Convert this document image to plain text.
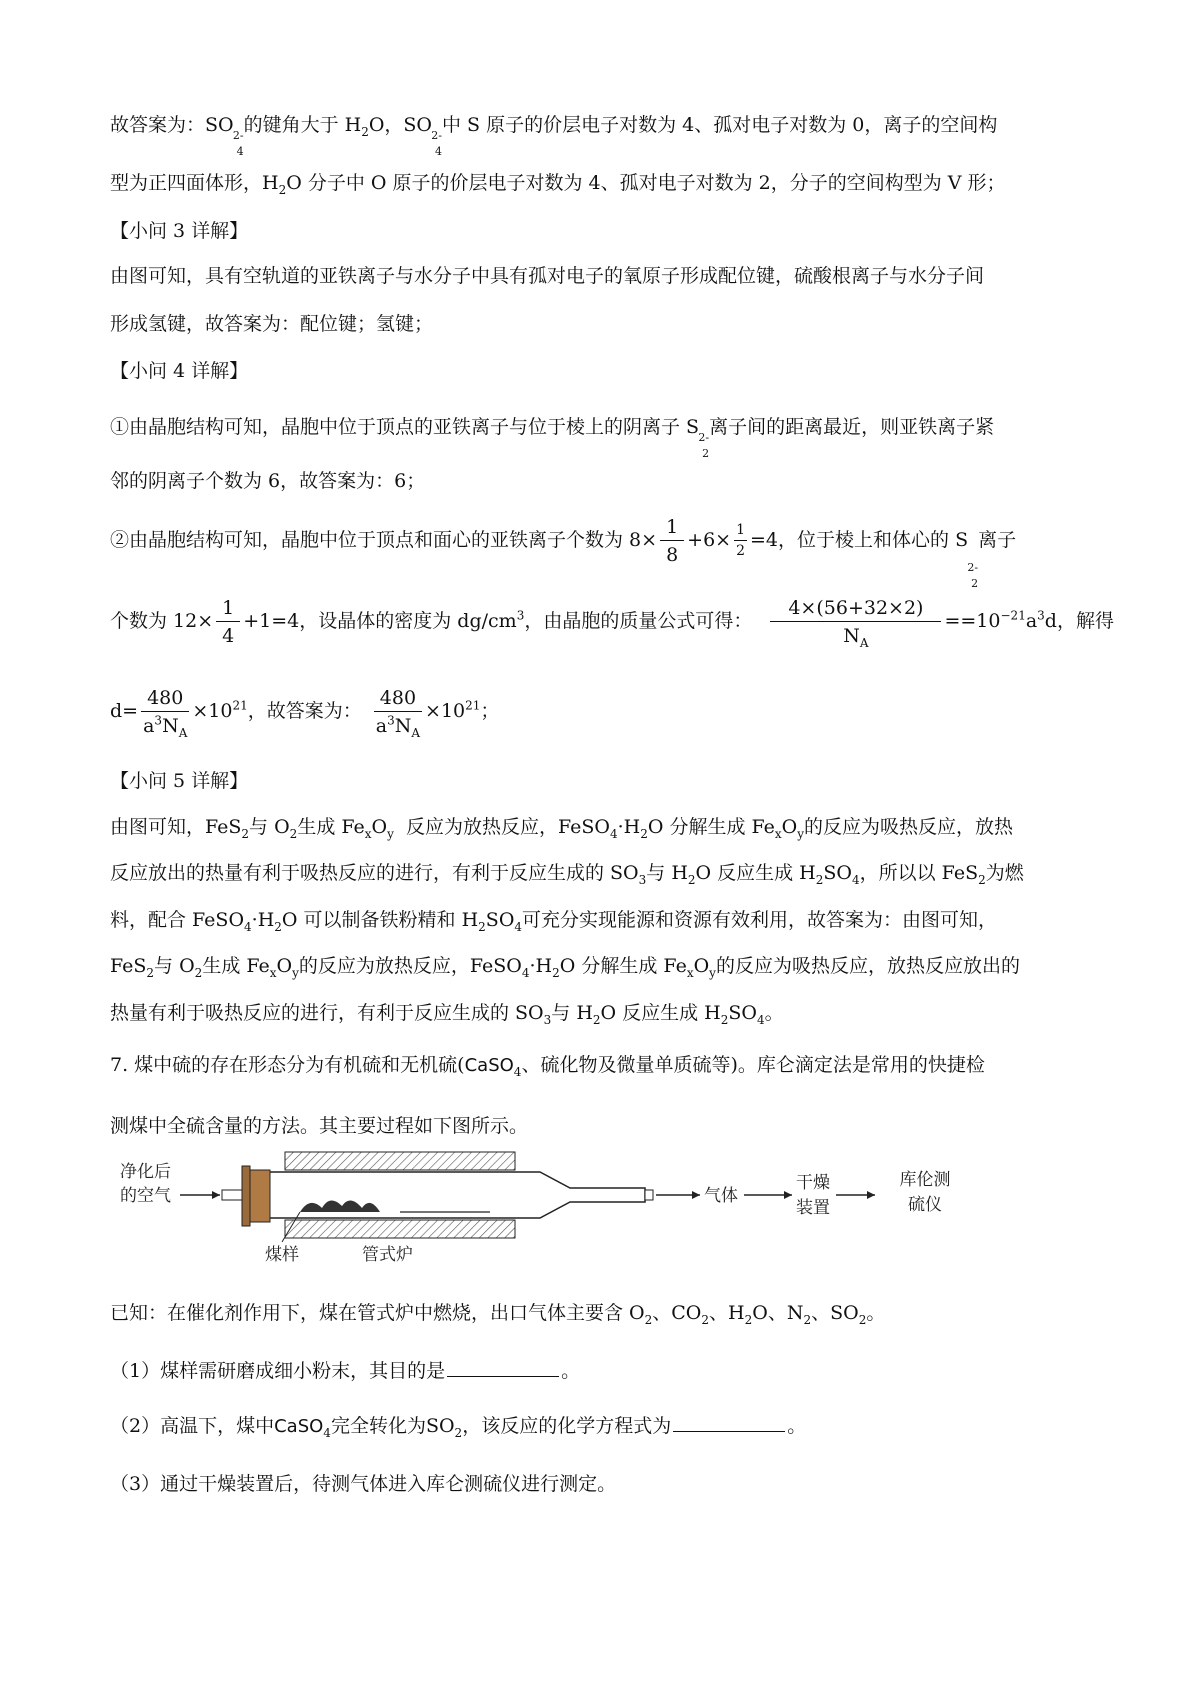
故答案为：SO
4
2- 的键角大于 $H_2O$，SO
4
2- 中 S 原子的价层电子对数为 4、孤对电子对数为 0，离子的空间构
型为正四面体形，$H_2O$ 分子中 O 原子的价层电子对数为 4、孤对电子对数为 2，分子的空间构型为 V 形；
【小问 3 详解】
由图可知，具有空轨道的亚铁离子与水分子中具有孤对电子的氧原子形成配位键，硫酸根离子与水分子间
形成氢键，故答案为：配位键；氢键；
【小问 4 详解】
①由晶胞结构可知，晶胞中位于顶点的亚铁离子与位于棱上的阴离子 S
2
2- 离子间的距离最近，则亚铁离子紧
邻的阴离子个数为 6，故答案为：6；
②由晶胞结构可知，晶胞中位于顶点和面心的亚铁离子个数为 $8\times \frac{1}{8} +6\times \frac{1}{2} =4$，位于棱上和体心的 S
2
2-
离子
个数为 $12\times \frac{1}{4} +1=4$，设晶体的密度为 $dg/cm^3$，由晶胞的质量公式可得： $\frac{4\times(56+32\times 2)}{N_A} ==10^{-21}a^3d$，解得
$d= \frac{480}{a^3N_A} \times 10^{21}$，故答案为： $\frac{480}{a^3N_A} \times 10^{21}$；
【小问 5 详解】
由图可知，FeS$_2$与 $O_2$生成 $Fe_xO_y$  反应为放热反应，$FeSO_4\cdot H_2O$ 分解生成 $Fe_xO_y$的反应为吸热反应，放热
反应放出的热量有利于吸热反应的进行，有利于反应生成的 $SO_3$与 $H_2O$ 反应生成 $H_2SO_4$，所以以 FeS$_2$为燃
料，配合 $FeSO_4\cdot H_2O$ 可以制备铁粉精和 $H_2SO_4$可充分实现能源和资源有效利用，故答案为：由图可知，
FeS$_2$与 $O_2$生成 $Fe_xO_y$的反应为放热反应，$FeSO_4\cdot H_2O$ 分解生成 $Fe_xO_y$的反应为吸热反应，放热反应放出的
热量有利于吸热反应的进行，有利于反应生成的 $SO_3$与 $H_2O$ 反应生成 $H_2SO_4$。
7. 煤中硫的存在形态分为有机硫和无机硫(CaSO$_4$、硫化物及微量单质硫等)。库仑滴定法是常用的快捷检
测煤中全硫含量的方法。其主要过程如下图所示。
净化后
的空气
煤样	管式炉
气体
干燥
装置
库伦测
硫仪
已知：在催化剂作用下，煤在管式炉中燃烧，出口气体主要含 $O_2$、$CO_2$、$H_2O$、$N_2$、$SO_2$。
（1）煤样需研磨成细小粉末，其目的是	。
（2）高温下，煤中CaSO$_4$完全转化为$SO_2$，该反应的化学方程式为	。
（3）通过干燥装置后，待测气体进入库仑测硫仪进行测定。
